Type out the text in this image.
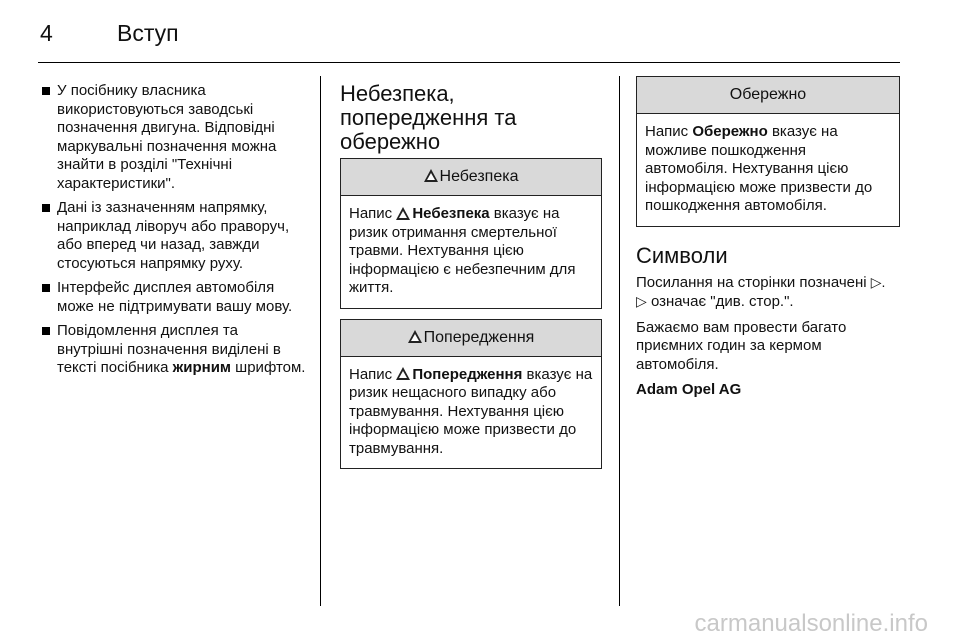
4	Вступ
У посібнику власника використовуються заводські позначення двигуна. Відповідні маркувальні позначення можна знайти в розділі "Технічні характеристики".
Дані із зазначенням напрямку, наприклад ліворуч або праворуч, або вперед чи назад, завжди стосуються напрямку руху.
Інтерфейс дисплея автомобіля може не підтримувати вашу мову.
Повідомлення дисплея та внутрішні позначення виділені в тексті посібника жирним шрифтом.
Небезпека,
попередження та
обережно
Небезпека
Напис Небезпека вказує на ризик отримання смертельної травми. Нехтування цією інформацією є небезпечним для життя.
Попередження
Напис Попередження вказує на ризик нещасного випадку або травмування. Нехтування цією інформацією може призвести до травмування.
Обережно
Напис Обережно вказує на можливе пошкодження автомобіля. Нехтування цією інформацією може призвести до пошкодження автомобіля.
Символи

Посилання на сторінки позначені ▷.
▷ означає "див. стор.".

Бажаємо вам провести багато приємних годин за кермом автомобіля.

Adam Opel AG

carmanualsonline.info
